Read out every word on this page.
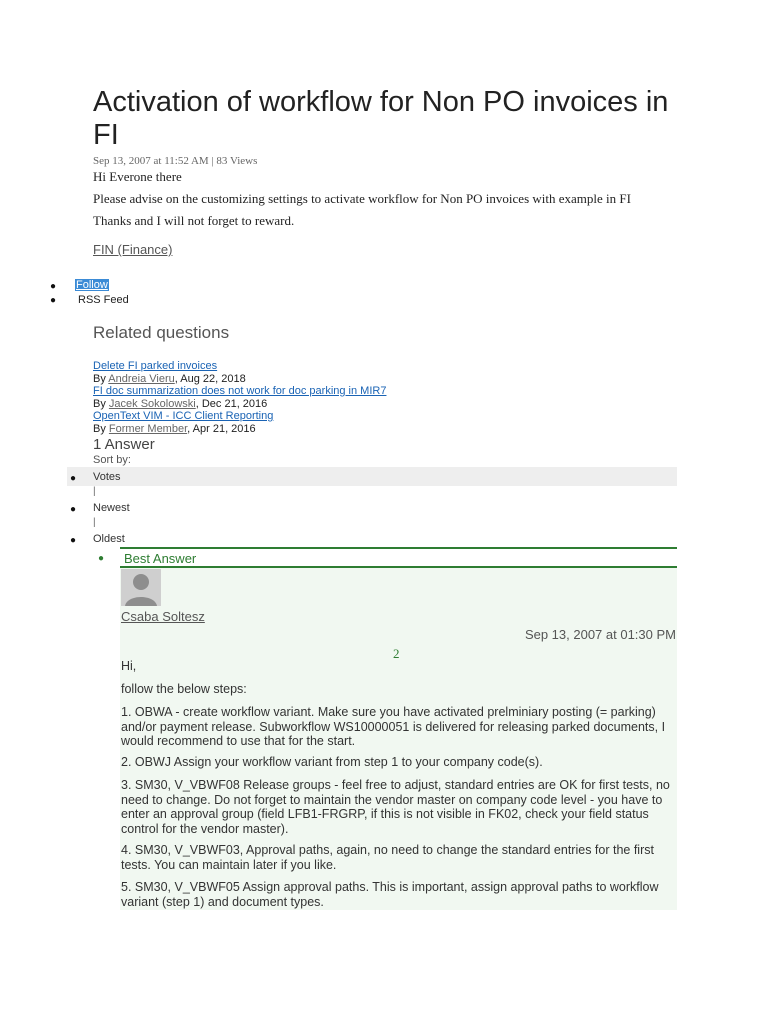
Activation of workflow for Non PO invoices in FI
Sep 13, 2007 at 11:52 AM | 83 Views
Hi Everone there
Please advise on the customizing settings to activate workflow for Non PO invoices with example in FI
Thanks and I will not forget to reward.
FIN (Finance)
● Follow
● RSS Feed
Related questions
Delete FI parked invoices
By Andreia Vieru, Aug 22, 2018
FI doc summarization does not work for doc parking in MIR7
By Jacek Sokolowski, Dec 21, 2016
OpenText VIM - ICC Client Reporting
By Former Member, Apr 21, 2016
1 Answer
Sort by:
● Votes
|
● Newest
|
● Oldest
● Best Answer
Csaba Soltesz
Sep 13, 2007 at 01:30 PM
2
Hi,
follow the below steps:
1. OBWA - create workflow variant. Make sure you have activated prelminiary posting (= parking) and/or payment release. Subworkflow WS10000051 is delivered for releasing parked documents, I would recommend to use that for the start.
2. OBWJ Assign your workflow variant from step 1 to your company code(s).
3. SM30, V_VBWF08 Release groups - feel free to adjust, standard entries are OK for first tests, no need to change. Do not forget to maintain the vendor master on company code level - you have to enter an approval group (field LFB1-FRGRP, if this is not visible in FK02, check your field status control for the vendor master).
4. SM30, V_VBWF03, Approval paths, again, no need to change the standard entries for the first tests. You can maintain later if you like.
5. SM30, V_VBWF05 Assign approval paths. This is important, assign approval paths to workflow variant (step 1) and document types.
